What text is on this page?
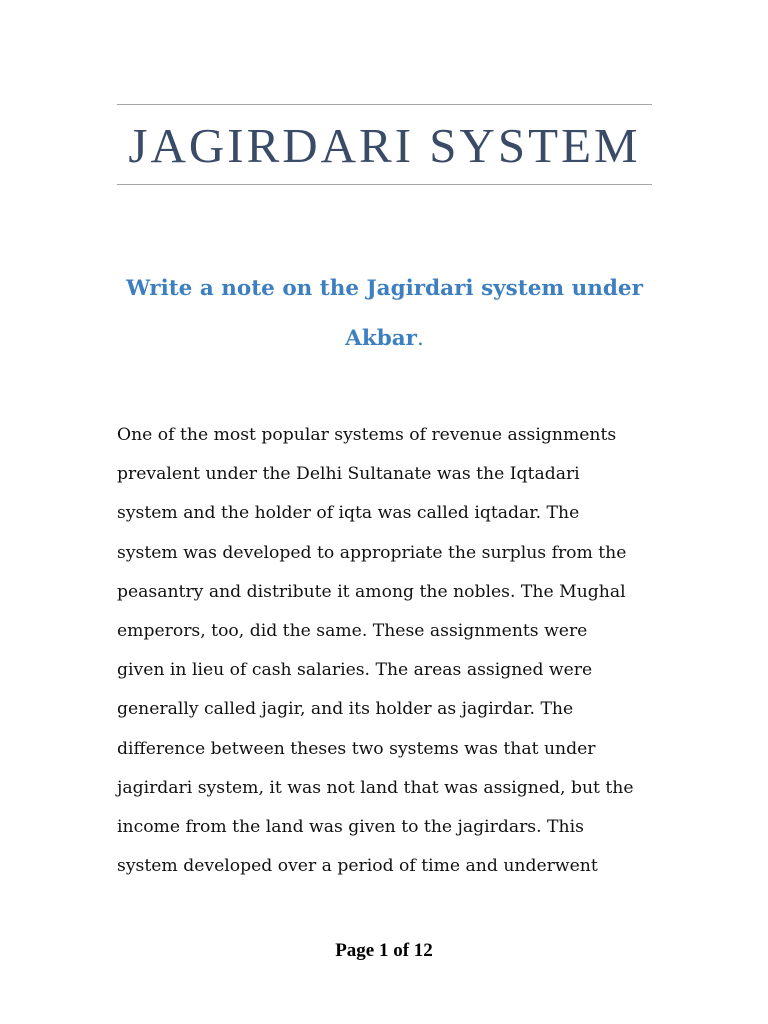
JAGIRDARI SYSTEM
Write a note on the Jagirdari system under Akbar.

One of the most popular systems of revenue assignments
prevalent under the Delhi Sultanate was the Iqtadari
system and the holder of iqta was called iqtadar. The
system was developed to appropriate the surplus from the
peasantry and distribute it among the nobles. The Mughal
emperors, too, did the same. These assignments were
given in lieu of cash salaries. The areas assigned were
generally called jagir, and its holder as jagirdar. The
difference between theses two systems was that under
jagirdari system, it was not land that was assigned, but the
income from the land was given to the jagirdars. This
system developed over a period of time and underwent

Page 1 of 12
